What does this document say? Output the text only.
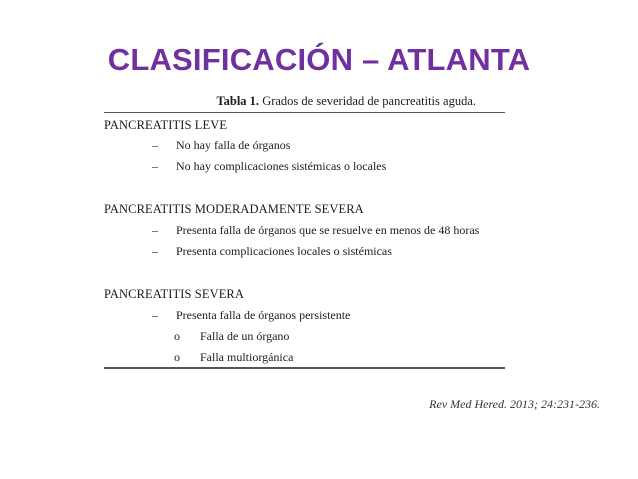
CLASIFICACIÓN – ATLANTA
Tabla 1. Grados de severidad de pancreatitis aguda.
PANCREATITIS LEVE
– No hay falla de órganos
– No hay complicaciones sistémicas o locales
PANCREATITIS MODERADAMENTE SEVERA
– Presenta falla de órganos que se resuelve en menos de 48 horas
– Presenta complicaciones locales o sistémicas
PANCREATITIS SEVERA
– Presenta falla de órganos persistente
o Falla de un órgano
o Falla multiorgánica
Rev Med Hered. 2013; 24:231-236.
